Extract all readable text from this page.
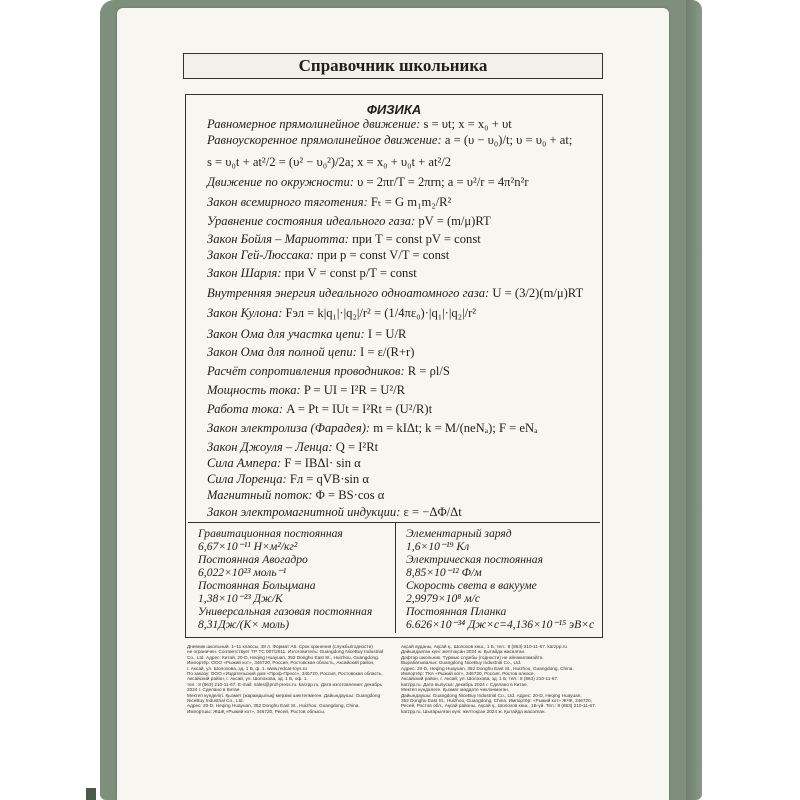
Справочник школьника
ФИЗИКА
Равномерное прямолинейное движение: s = υt; x = x₀ + υt
Равноускоренное прямолинейное движение: a = (υ − υ₀)/t; υ = υ₀ + at;
s = υ₀t + at²/2 = (υ² − υ₀²)/2a; x = x₀ + υ₀t + at²/2
Движение по окружности: υ = 2πr/T = 2πrn; a = υ²/r = 4π²n²r
Закон всемирного тяготения: Fₜ = G m₁m₂/R²
Уравнение состояния идеального газа: pV = (m/μ)RT
Закон Бойля – Мариотта: при T = const pV = const
Закон Гей-Люссака: при p = const V/T = const
Закон Шарля: при V = const p/T = const
Внутренняя энергия идеального одноатомного газа: U = (3/2)(m/μ)RT
Закон Кулона: Fэл = k|q₁|·|q₂|/r² = (1/4πε₀)·|q₁|·|q₂|/r²
Закон Ома для участка цепи: I = U/R
Закон Ома для полной цепи: I = ε/(R+r)
Расчёт сопротивления проводников: R = ρl/S
Мощность тока: P = UI = I²R = U²/R
Работа тока: A = Pt = IUt = I²Rt = (U²/R)t
Закон электролиза (Фарадея): m = kIΔt; k = M/(neNₐ); F = eNₐ
Закон Джоуля – Ленца: Q = I²Rt
Сила Ампера: F = IBΔl· sin α
Сила Лоренца: Fл = qVB·sin α
Магнитный поток: Φ = BS·cos α
Закон электромагнитной индукции: ε = −ΔΦ/Δt
Гравитационная постоянная
6,67×10⁻¹¹ Н×м²/кг²
Постоянная Авогадро
6,022×10²³ моль⁻¹
Постоянная Больцмана
1,38×10⁻²³ Дж/К
Универсальная газовая постоянная
8,31Дж/(К× моль)
Элементарный заряд
1,6×10⁻¹⁹ Кл
Электрическая постоянная
8,85×10⁻¹² Ф/м
Скорость света в вакууме
2,9979×10⁸ м/с
Постоянная Планка
6.626×10⁻³⁴ Дж×с=4,136×10⁻¹⁵ эВ×с

Дневник школьный. 1–11 классы, 48 л. Формат А5. Срок хранения (службы/годности)

не ограничен. Соответствует ТР ТС 007/2011. Изготовитель: Guangdong NiceBuy Industrial

Co., Ltd. Адрес: Китай, 20-D, Heqing Huayuan, 352 Donghu East St., Huizhou, Guangdong.

Импортёр: ООО «Рыжий кот», 346720, Россия, Ростовская область, Аксайский район,

г. Аксай, ул. Шолохова, зд. 1 Б, ф. 1. www.redcat-toys.ru

По заказу: ООО «Издательский дом «Проф-Пресс», 346720, Россия, Ростовская область,

Аксайский район, г. Аксай, ул. Шолохова, зд. 1 Б, оф. 1.

тел.: 8 (863) 210-11-67. E-mail: sales@prof-press.ru. karzpp.ru. Дата изготовления: декабрь

2024 г. Сделано в Китае.

Мектеп күнделігі. Қызмет (жарамдылық) мерзімі шектелмеген. Дайындаушы: Guangdong

NiceBuy Industrial Co., Ltd.

Адрес: 20-D, Heqing Huayuan, 352 Donghu East St., Huizhou, Guangdong, China.

Импортшы: ЖШҚ «Рыжий кот», 346720, Ресей, Ростов облысы,

Ақсай ауданы, Ақсай қ., Шолохов көш., 1 Б, тел.: 8 (863) 210-11-67. karzpp.ru

Дайындалған күні: желтоқсан 2024 ж. Қытайда жасалған.

Дәфтәр школьник. Түрмыс службы (годности) не әйнәкиләмәйтә.

Вырабатывальн: Guangdong NiceBuy Industrial Co., Ltd.

Адрес: 20-D, Heqing Huayuan, 352 Donghu East St., Huizhou, Guangdong, China.

Импортёр: ТКА «Рыжий кот», 346720, Россия, Ростов өлкәсе,

Аксайский район, г. Аксай, ул. Шолохова, зд. 1 Б, тел.: 8 (863) 210-11-67.

karzpp.ru. Дата выпуска: декабрь 2024 г. Сделано в Китае.

Мектеп күндәлеге. Қызмат мөддәте чикләнмәгән.

Дайындаушы: Guangdong NiceBuy Industrial Co., Ltd. Адрес: 20-D, Heqing Huayuan,

352 Donghu East St., Huizhou, Guangdong, China. Импортёр: «Рыжий кот» ЖЧК, 346720,

Ресей, Ростов обл., Ақсай районы, Ақсай қ., Шолохов көш., 1Б-үй. Тел.: 8 (863) 210-11-67.

karzpp.ru. Шығарылған күні: желтоқсан 2024 ж. Қытайда жасалған.
